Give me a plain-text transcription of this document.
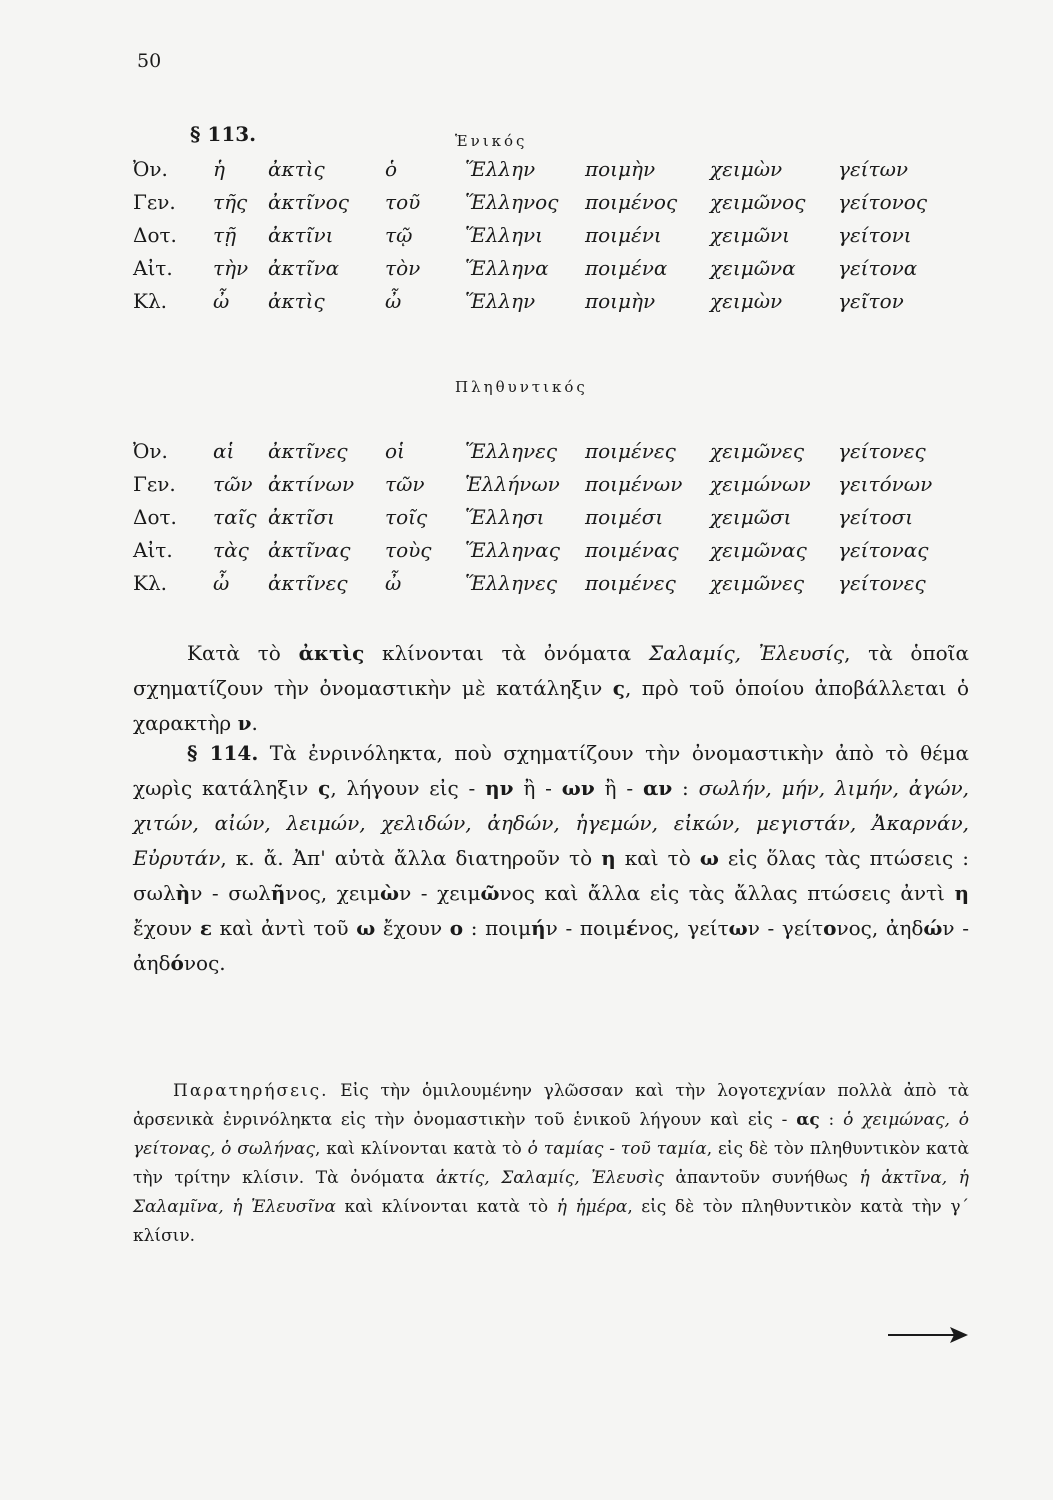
50
§ 113.	Ἑνικός
Ὀν.	ἡ	ἀκτὶς	ὁ	Ἕλλην	ποιμὴν	χειμὼν	γείτων
Γεν.	τῆς	ἀκτῖνος	τοῦ	Ἕλληνος	ποιμένος	χειμῶνος	γείτονος
Δοτ.	τῇ	ἀκτῖνι	τῷ	Ἕλληνι	ποιμένι	χειμῶνι	γείτονι
Αἰτ.	τὴν	ἀκτῖνα	τὸν	Ἕλληνα	ποιμένα	χειμῶνα	γείτονα
Κλ.	ὦ	ἀκτὶς	ὦ	Ἕλλην	ποιμὴν	χειμὼν	γεῖτον
Πληθυντικός
Ὀν.	αἱ	ἀκτῖνες	οἱ	Ἕλληνες	ποιμένες	χειμῶνες	γείτονες
Γεν.	τῶν	ἀκτίνων	τῶν	Ἑλλήνων	ποιμένων	χειμώνων	γειτόνων
Δοτ.	ταῖς	ἀκτῖσι	τοῖς	Ἕλλησι	ποιμέσι	χειμῶσι	γείτοσι
Αἰτ.	τὰς	ἀκτῖνας	τοὺς	Ἕλληνας	ποιμένας	χειμῶνας	γείτονας
Κλ.	ὦ	ἀκτῖνες	ὦ	Ἕλληνες	ποιμένες	χειμῶνες	γείτονες

Κατὰ τὸ ἀκτὶς κλίνονται τὰ ὀνόματα Σαλαμίς, Ἐλευσίς, τὰ ὁποῖα σχηματίζουν τὴν ὀνομαστικὴν μὲ κατάληξιν ς, πρὸ τοῦ ὁποίου ἀποβάλλεται ὁ χαρακτὴρ ν.

§ 114. Τὰ ἐνρινόληκτα, ποὺ σχηματίζουν τὴν ὀνομαστικὴν ἀπὸ τὸ θέμα χωρὶς κατάληξιν ς, λήγουν εἰς - ην ἢ - ων ἢ - αν : σωλήν, μήν, λιμήν, ἀγών, χιτών, αἰών, λειμών, χελιδών, ἀηδών, ἡγεμών, εἰκών, μεγιστάν, Ἀκαρνάν, Εὐρυτάν, κ. ἄ. Ἀπ' αὐτὰ ἄλλα διατηροῦν τὸ η καὶ τὸ ω εἰς ὅλας τὰς πτώσεις : σωλὴν - σωλῆνος, χειμὼν - χειμῶνος καὶ ἄλλα εἰς τὰς ἄλλας πτώσεις ἀντὶ η ἔχουν ε καὶ ἀντὶ τοῦ ω ἔχουν ο : ποιμήν - ποιμένος, γείτων - γείτονος, ἀηδών - ἀηδόνος.

Παρατηρήσεις. Εἰς τὴν ὁμιλουμένην γλῶσσαν καὶ τὴν λογοτεχνίαν πολλὰ ἀπὸ τὰ ἀρσενικὰ ἐνρινόληκτα εἰς τὴν ὀνομαστικὴν τοῦ ἑνικοῦ λήγουν καὶ εἰς - ας : ὁ χειμώνας, ὁ γείτονας, ὁ σωλήνας, καὶ κλίνονται κατὰ τὸ ὁ ταμίας - τοῦ ταμία, εἰς δὲ τὸν πληθυντικὸν κατὰ τὴν τρίτην κλίσιν. Τὰ ὀνόματα ἀκτίς, Σαλαμίς, Ἐλευσὶς ἀπαντοῦν συνήθως ἡ ἀκτῖνα, ἡ Σαλαμῖνα, ἡ Ἐλευσῖνα καὶ κλίνονται κατὰ τὸ ἡ ἡμέρα, εἰς δὲ τὸν πληθυντικὸν κατὰ τὴν γ΄ κλίσιν.
